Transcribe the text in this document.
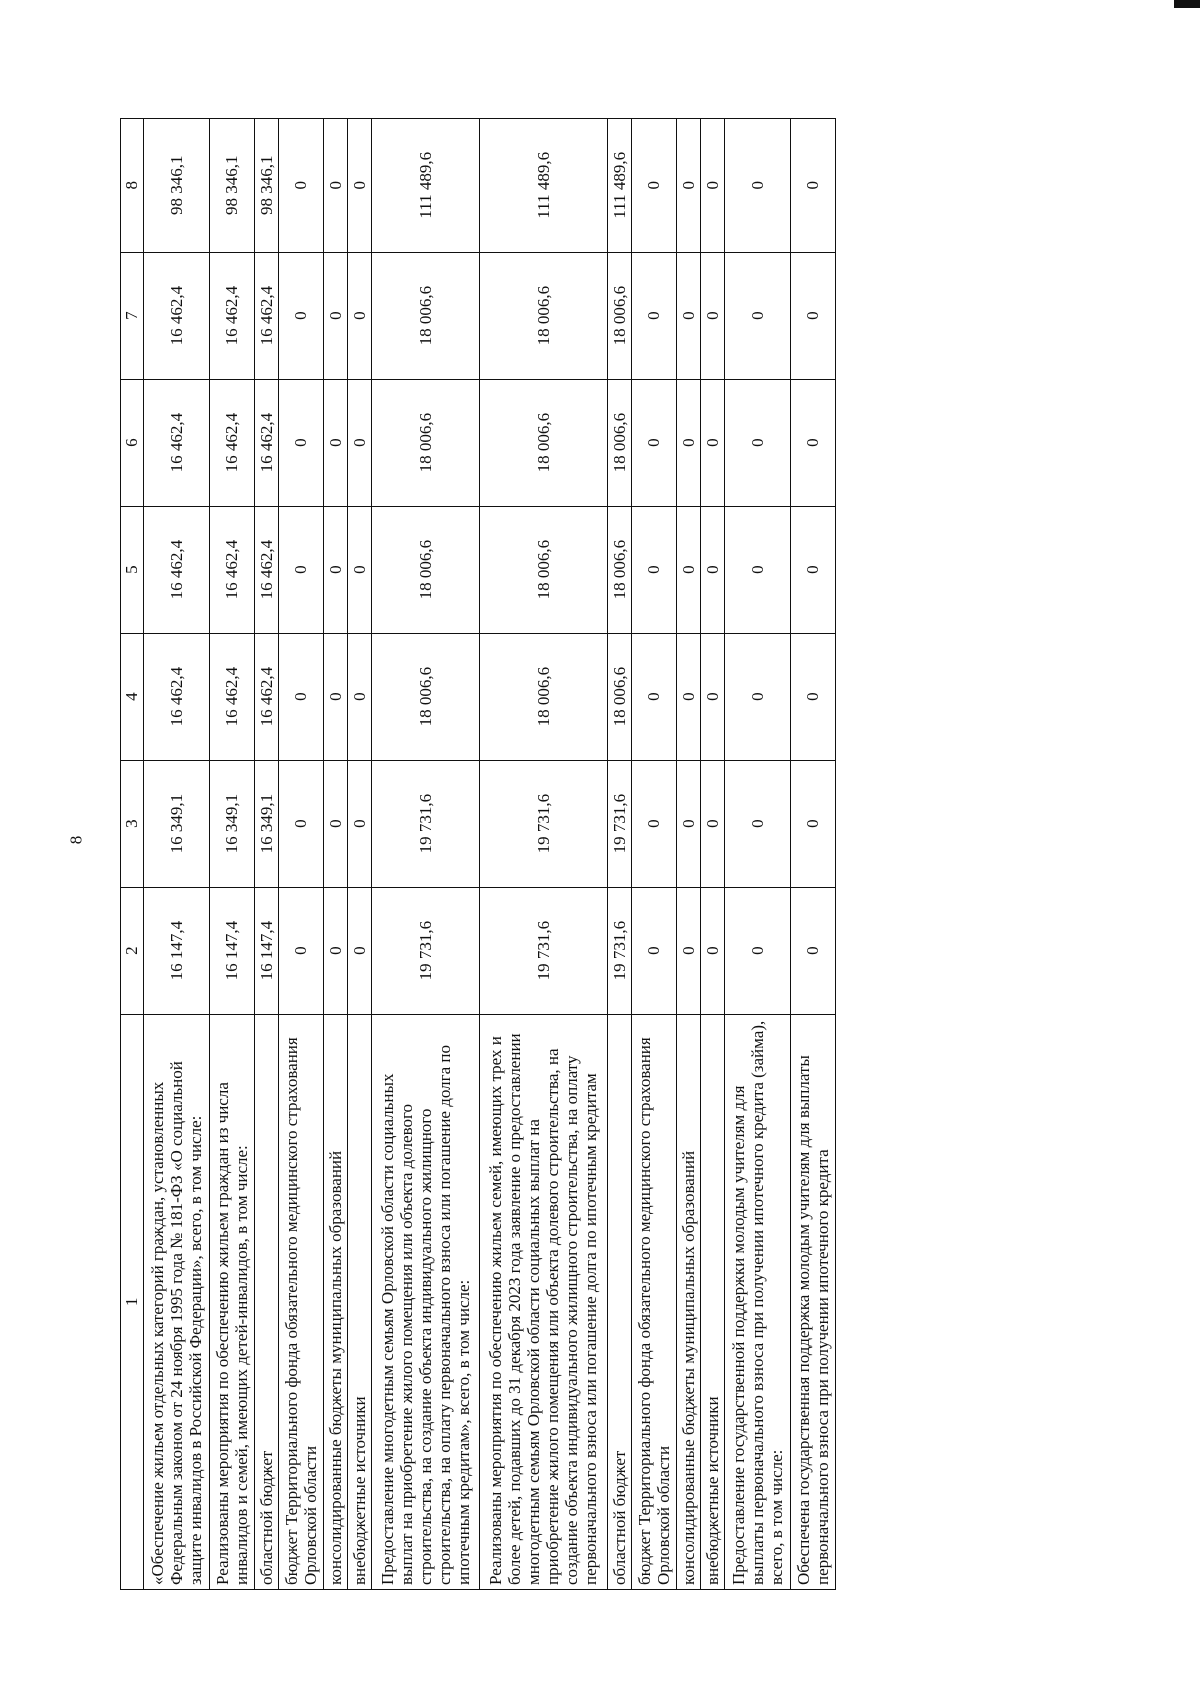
8
1	2	3	4	5	6	7	8
«Обеспечение жильем отдельных категорий граждан, установленных Федеральным законом от 24 ноября 1995 года № 181-ФЗ «О социальной защите инвалидов в Российской Федерации», всего, в том числе:	16 147,4	16 349,1	16 462,4	16 462,4	16 462,4	16 462,4	98 346,1
Реализованы мероприятия по обеспечению жильем граждан из числа инвалидов и семей, имеющих детей-инвалидов, в том числе:	16 147,4	16 349,1	16 462,4	16 462,4	16 462,4	16 462,4	98 346,1
областной бюджет	16 147,4	16 349,1	16 462,4	16 462,4	16 462,4	16 462,4	98 346,1
бюджет Территориального фонда обязательного медицинского страхования Орловской области	0	0	0	0	0	0	0
консолидированные бюджеты муниципальных образований	0	0	0	0	0	0	0
внебюджетные источники	0	0	0	0	0	0	0
Предоставление многодетным семьям Орловской области социальных выплат на приобретение жилого помещения или объекта долевого строительства, на создание объекта индивидуального жилищного строительства, на оплату первоначального взноса или погашение долга по ипотечным кредитам», всего, в том числе:	19 731,6	19 731,6	18 006,6	18 006,6	18 006,6	18 006,6	111 489,6
Реализованы мероприятия по обеспечению жильем семей, имеющих трех и более детей, подавших до 31 декабря 2023 года заявление о предоставлении многодетным семьям Орловской области социальных выплат на приобретение жилого помещения или объекта долевого строительства, на создание объекта индивидуального жилищного строительства, на оплату первоначального взноса или погашение долга по ипотечным кредитам	19 731,6	19 731,6	18 006,6	18 006,6	18 006,6	18 006,6	111 489,6
областной бюджет	19 731,6	19 731,6	18 006,6	18 006,6	18 006,6	18 006,6	111 489,6
бюджет Территориального фонда обязательного медицинского страхования Орловской области	0	0	0	0	0	0	0
консолидированные бюджеты муниципальных образований	0	0	0	0	0	0	0
внебюджетные источники	0	0	0	0	0	0	0
Предоставление государственной поддержки молодым учителям для выплаты первоначального взноса при получении ипотечного кредита (займа), всего, в том числе:	0	0	0	0	0	0	0
Обеспечена государственная поддержка молодым учителям для выплаты первоначального взноса при получении ипотечного кредита	0	0	0	0	0	0	0
